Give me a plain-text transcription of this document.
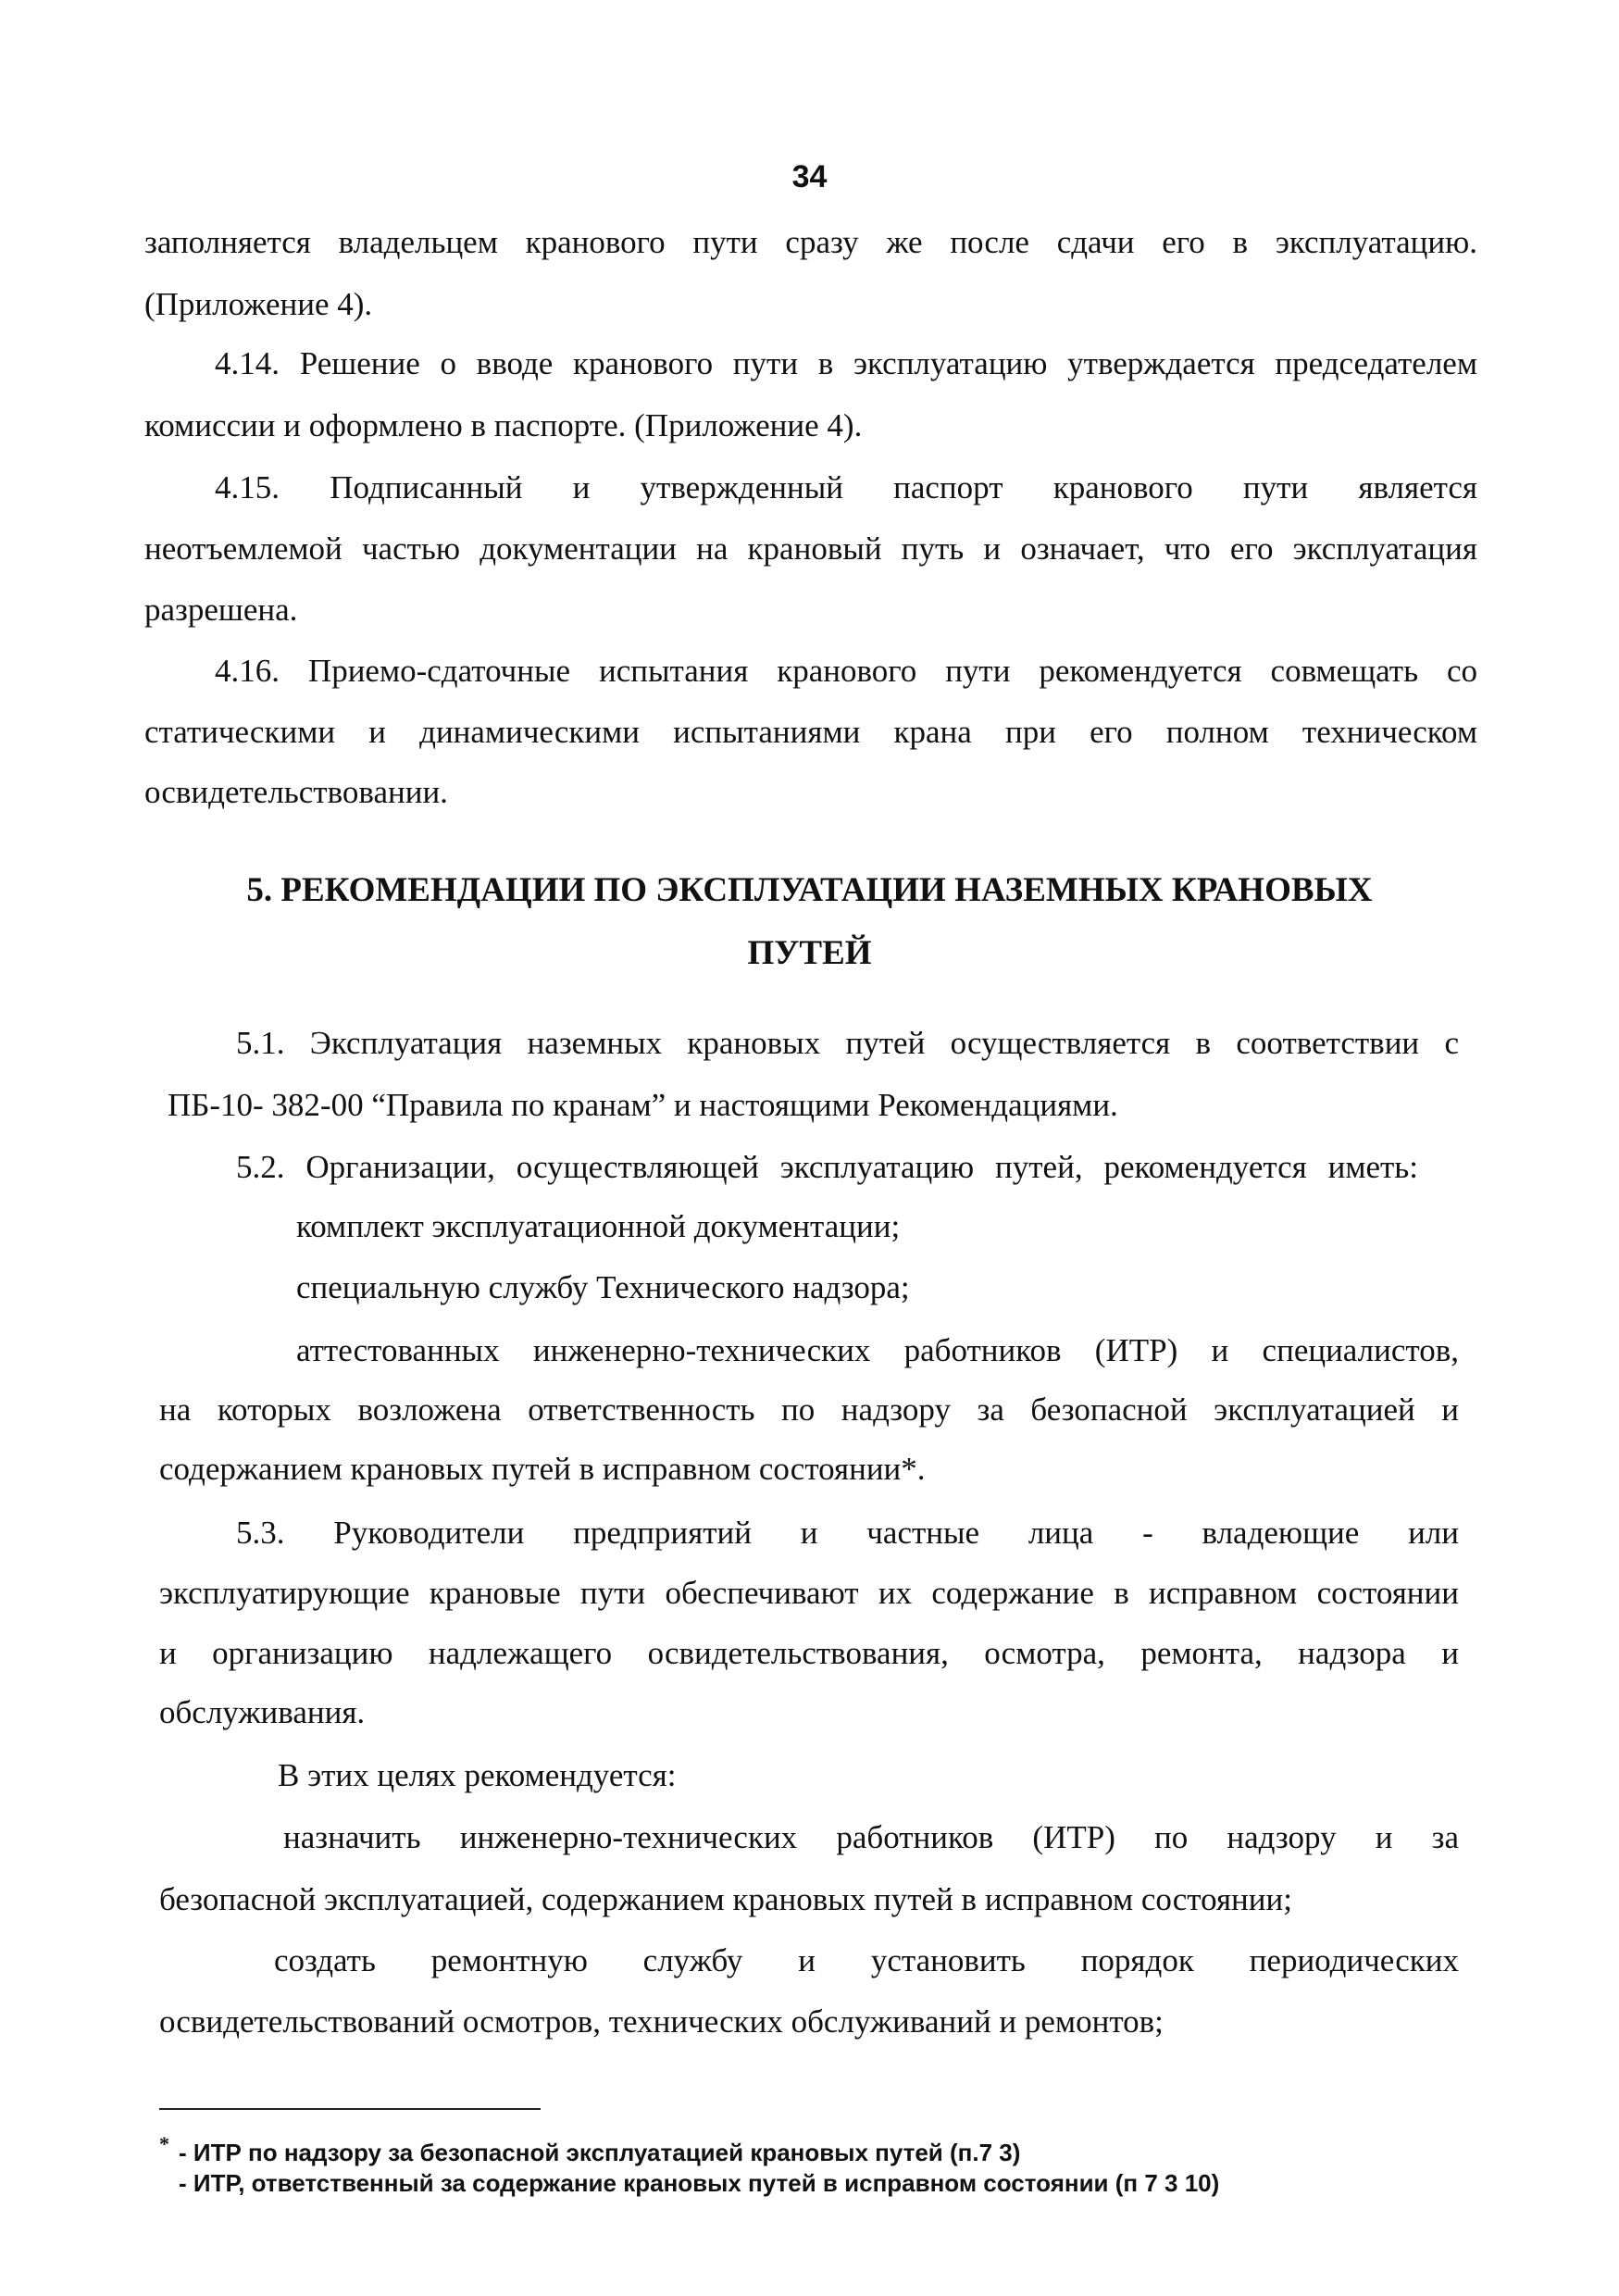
34
заполняется владельцем кранового пути сразу же после сдачи его в эксплуатацию.
(Приложение 4).
4.14. Решение о вводе кранового пути в эксплуатацию утверждается председателем
комиссии и оформлено в паспорте. (Приложение 4).
4.15. Подписанный и утвержденный паспорт кранового пути является
неотъемлемой частью документации на крановый путь и означает, что его эксплуатация
разрешена.
4.16. Приемо-сдаточные испытания кранового пути рекомендуется совмещать со
статическими и динамическими испытаниями крана при его полном техническом
освидетельствовании.
5. РЕКОМЕНДАЦИИ ПО ЭКСПЛУАТАЦИИ НАЗЕМНЫХ КРАНОВЫХ
ПУТЕЙ
5.1. Эксплуатация наземных крановых путей осуществляется в соответствии с
ПБ-10- 382-00 “Правила по кранам” и настоящими Рекомендациями.
5.2. Организации, осуществляющей эксплуатацию путей, рекомендуется иметь:
комплект эксплуатационной документации;
специальную службу Технического надзора;
аттестованных инженерно-технических работников (ИТР) и специалистов,
на которых возложена ответственность по надзору за безопасной эксплуатацией и
содержанием крановых путей в исправном состоянии*.
5.3. Руководители предприятий и частные лица - владеющие или
эксплуатирующие крановые пути обеспечивают их содержание в исправном состоянии
и организацию надлежащего освидетельствования, осмотра, ремонта, надзора и
обслуживания.
В этих целях рекомендуется:
назначить инженерно-технических работников (ИТР) по надзору и за
безопасной эксплуатацией, содержанием крановых путей в исправном состоянии;
создать ремонтную службу и установить порядок периодических
освидетельствований осмотров, технических обслуживаний и ремонтов;
* - ИТР по надзору за безопасной эксплуатацией крановых путей (п.7 3)
- ИТР, ответственный за содержание крановых путей в исправном состоянии (п 7 3 10)
